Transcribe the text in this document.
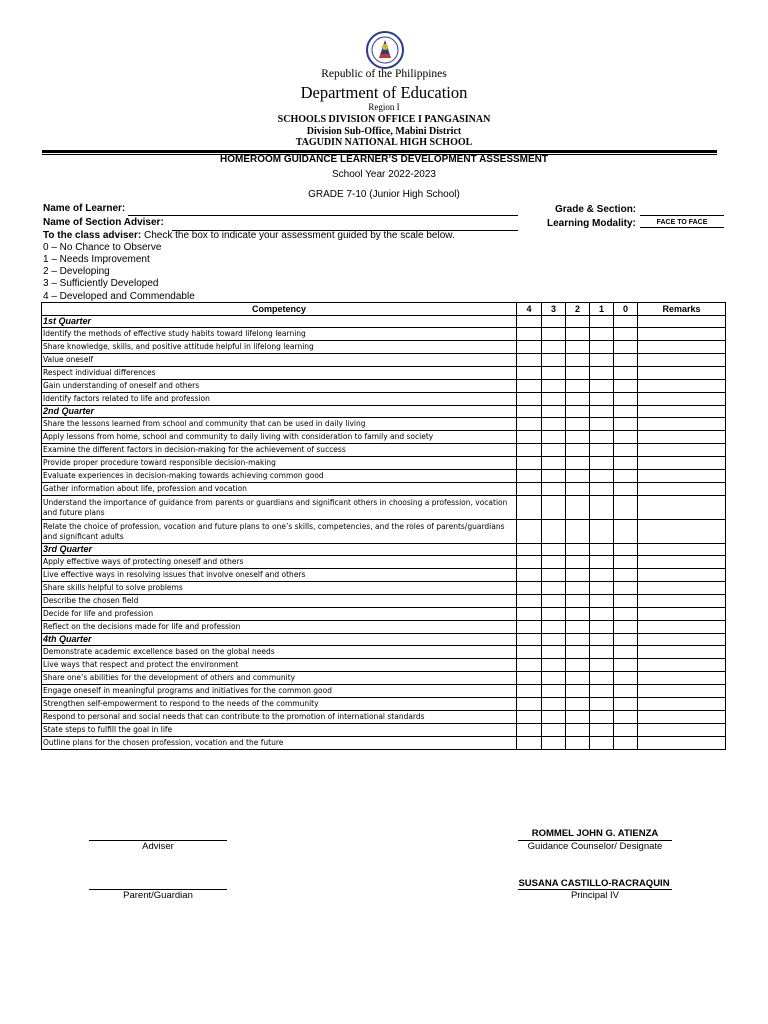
Republic of the Philippines
Department of Education
Region I
SCHOOLS DIVISION OFFICE I PANGASINAN
Division Sub-Office, Mabini District
TAGUDIN NATIONAL HIGH SCHOOL
HOMEROOM GUIDANCE LEARNER’S DEVELOPMENT ASSESSMENT
School Year 2022-2023
GRADE 7-10 (Junior High School)
Name of Learner:
Name of Section Adviser:
Grade & Section:
Learning Modality:	FACE TO FACE
To the class adviser: Check the box to indicate your assessment guided by the scale below.
0 – No Chance to Observe
1 – Needs Improvement
2 – Developing
3 – Sufficiently Developed
4 – Developed and Commendable
Competency	4	3	2	1	0	Remarks
1st Quarter						
Identify the methods of effective study habits toward lifelong learning						
Share knowledge, skills, and positive attitude helpful in lifelong learning						
Value oneself						
Respect individual differences						
Gain understanding of oneself and others						
Identify factors related to life and profession						
2nd Quarter						
Share the lessons learned from school and community that can be used in daily living						
Apply lessons from home, school and community to daily living with consideration to family and society						
Examine the different factors in decision-making for the achievement of success						
Provide proper procedure toward responsible decision-making						
Evaluate experiences in decision-making towards achieving common good						
Gather information about life, profession and vocation						
Understand the importance of guidance from parents or guardians and significant others in choosing a profession, vocation and future plans						
Relate the choice of profession, vocation and future plans to one’s skills, competencies, and the roles of parents/guardians and significant adults						
3rd Quarter						
Apply effective ways of protecting oneself and others						
Live effective ways in resolving issues that involve oneself and others						
Share skills helpful to solve problems						
Describe the chosen field						
Decide for life and profession						
Reflect on the decisions made for life and profession						
4th Quarter						
Demonstrate academic excellence based on the global needs						
Live ways that respect and protect the environment						
Share one’s abilities for the development of others and community						
Engage oneself in meaningful programs and initiatives for the common good						
Strengthen self-empowerment to respond to the needs of the community						
Respond to personal and social needs that can contribute to the promotion of international standards						
State steps to fulfill the goal in life						
Outline plans for the chosen profession, vocation and the future						
Adviser
ROMMEL JOHN G. ATIENZA
Guidance Counselor/ Designate
Parent/Guardian
SUSANA CASTILLO-RACRAQUIN
Principal IV
